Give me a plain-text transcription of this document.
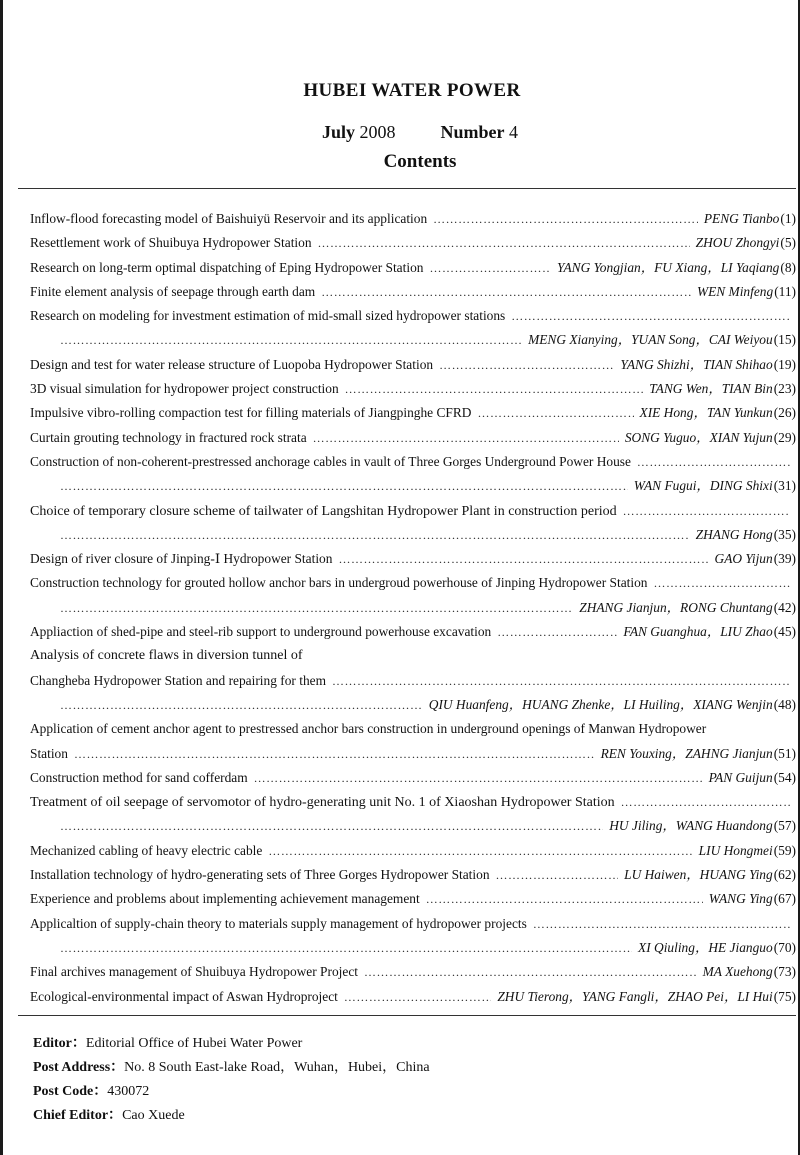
HUBEI WATER POWER
July 2008	Number 4
Contents
Inflow-flood forecasting model of Baishuiyü Reservoir and its application …………………………………………………………………………………………………………………………………………………………………………………………	PENG Tianbo (1)
Resettlement work of Shuibuya Hydropower Station …………………………………………………………………………………………………………………………………………………………………………………………	ZHOU Zhongyi (5)
Research on long-term optimal dispatching of Eping Hydropower Station …………………………………………………………………………………………………………………………………………………………………………………………	YANG Yongjian，FU Xiang，LI Yaqiang (8)
Finite element analysis of seepage through earth dam …………………………………………………………………………………………………………………………………………………………………………………………	WEN Minfeng (11)
Research on modeling for investment estimation of mid-small sized hydropower stations
…………………………………………………………………………………………………………………………………………………………………………………………
…………………………………………………………………………………………………………………………………………………………………………………………
MENG Xianying，YUAN Song，CAI Weiyou (15)
Design and test for water release structure of Luopoba Hydropower Station …………………………………………………………………………………………………………………………………………………………………………………………	YANG Shizhi，TIAN Shihao (19)
3D visual simulation for hydropower project construction …………………………………………………………………………………………………………………………………………………………………………………………	TANG Wen，TIAN Bin (23)
Impulsive vibro-rolling compaction test for filling materials of Jiangpinghe CFRD …………………………………………………………………………………………………………………………………………………………………………………………	XIE Hong，TAN Yunkun (26)
Curtain grouting technology in fractured rock strata …………………………………………………………………………………………………………………………………………………………………………………………	SONG Yuguo，XIAN Yujun (29)
Construction of non-coherent-prestressed anchorage cables in vault of Three Gorges Underground Power House
…………………………………………………………………………………………………………………………………………………………………………………………
…………………………………………………………………………………………………………………………………………………………………………………………
WAN Fugui，DING Shixi (31)
Choice of temporary closure scheme of tailwater of Langshitan Hydropower Plant in construction period
…………………………………………………………………………………………………………………………………………………………………………………………
…………………………………………………………………………………………………………………………………………………………………………………………
ZHANG Hong (35)
Design of river closure of Jinping-Ⅰ Hydropower Station …………………………………………………………………………………………………………………………………………………………………………………………	GAO Yijun (39)
Construction technology for grouted hollow anchor bars in undergroud powerhouse of Jinping Hydropower Station
…………………………………………………………………………………………………………………………………………………………………………………………
…………………………………………………………………………………………………………………………………………………………………………………………
ZHANG Jianjun，RONG Chuntang (42)
Appliaction of shed-pipe and steel-rib support to underground powerhouse excavation …………………………………………………………………………………………………………………………………………………………………………………………	FAN Guanghua，LIU Zhao (45)
Analysis of concrete flaws in diversion tunnel of
Changheba Hydropower Station and repairing for them
…………………………………………………………………………………………………………………………………………………………………………………………
…………………………………………………………………………………………………………………………………………………………………………………………
QIU Huanfeng，HUANG Zhenke，LI Huiling，XIANG Wenjin (48)
Application of cement anchor agent to prestressed anchor bars construction in underground openings of Manwan Hydropower
Station …………………………………………………………………………………………………………………………………………………………………………………………	REN Youxing，ZAHNG Jianjun (51)
Construction method for sand cofferdam …………………………………………………………………………………………………………………………………………………………………………………………	PAN Guijun (54)
Treatment of oil seepage of servomotor of hydro-generating unit No. 1 of Xiaoshan Hydropower Station
…………………………………………………………………………………………………………………………………………………………………………………………
…………………………………………………………………………………………………………………………………………………………………………………………
HU Jiling，WANG Huandong (57)
Mechanized cabling of heavy electric cable …………………………………………………………………………………………………………………………………………………………………………………………	LIU Hongmei (59)
Installation technology of hydro-generating sets of Three Gorges Hydropower Station …………………………………………………………………………………………………………………………………………………………………………………………	LU Haiwen，HUANG Ying (62)
Experience and problems about implementing achievement management …………………………………………………………………………………………………………………………………………………………………………………………	WANG Ying (67)
Applicaltion of supply-chain theory to materials supply management of hydropower projects
…………………………………………………………………………………………………………………………………………………………………………………………
…………………………………………………………………………………………………………………………………………………………………………………………
XI Qiuling，HE Jianguo (70)
Final archives management of Shuibuya Hydropower Project …………………………………………………………………………………………………………………………………………………………………………………………	MA Xuehong (73)
Ecological-environmental impact of Aswan Hydroproject …………………………………………………………………………………………………………………………………………………………………………………………	ZHU Tierong，YANG Fangli，ZHAO Pei，LI Hui (75)
Editor：Editorial Office of Hubei Water Power
Post Address：No. 8 South East-lake Road，Wuhan，Hubei，China
Post Code：430072
Chief Editor：Cao Xuede
